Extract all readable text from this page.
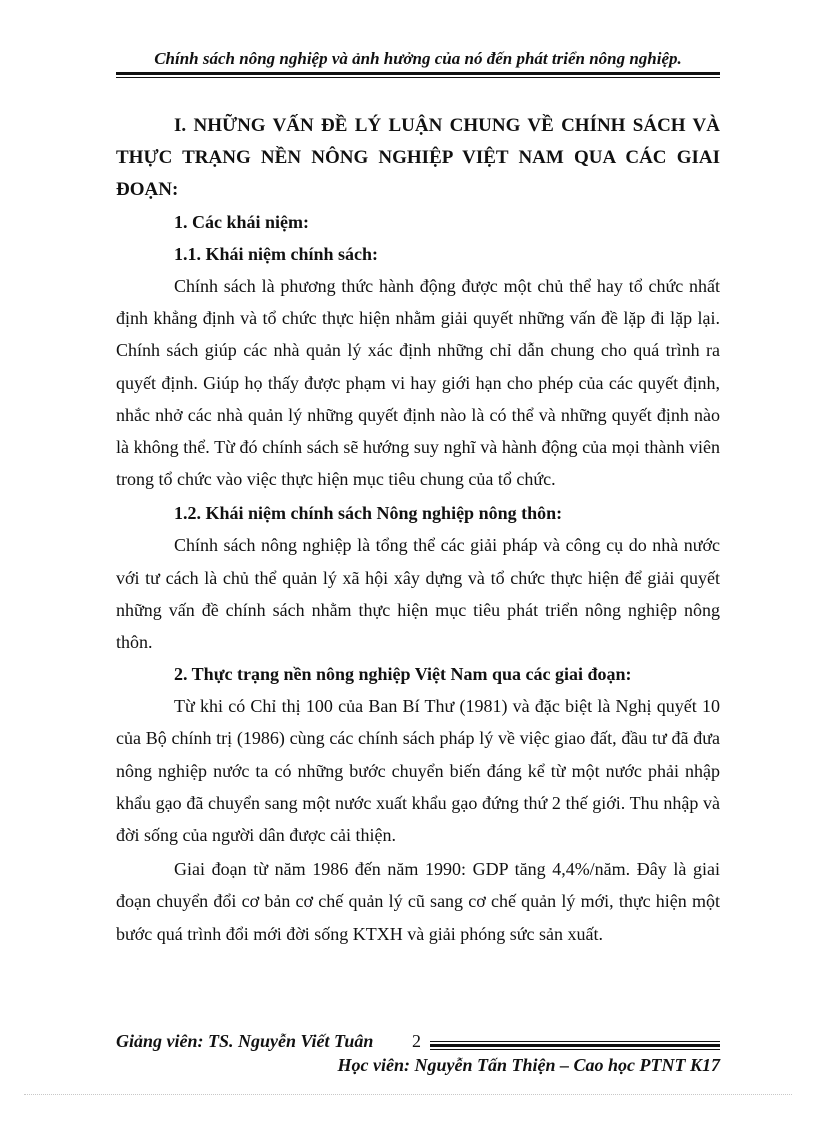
Chính sách nông nghiệp và ảnh hưởng của nó đến phát triển nông nghiệp.

I. NHỮNG VẤN ĐỀ LÝ LUẬN CHUNG VỀ CHÍNH SÁCH VÀ THỰC TRẠNG NỀN NÔNG NGHIỆP VIỆT NAM QUA CÁC GIAI ĐOẠN:

1. Các khái niệm:

1.1. Khái niệm chính sách:

Chính sách là phương thức hành động được một chủ thể hay tổ chức nhất định khẳng định và tổ chức thực hiện nhằm giải quyết những vấn đề lặp đi lặp lại. Chính sách giúp các nhà quản lý xác định những chỉ dẫn chung cho quá trình ra quyết định. Giúp họ thấy được phạm vi hay giới hạn cho phép của các quyết định, nhắc nhở các nhà quản lý những quyết định nào là có thể và những quyết định nào là không thể. Từ đó chính sách sẽ hướng suy nghĩ và hành động của mọi thành viên trong tổ chức vào việc thực hiện mục tiêu chung của tổ chức.

1.2. Khái niệm chính sách Nông nghiệp nông thôn:

Chính sách nông nghiệp là tổng thể các giải pháp và công cụ do nhà nước với tư cách là chủ thể quản lý xã hội xây dựng và tổ chức thực hiện để giải quyết những vấn đề chính sách nhằm thực hiện mục tiêu phát triển nông nghiệp nông thôn.

2. Thực trạng nền nông nghiệp Việt Nam qua các giai đoạn:

Từ khi có Chỉ thị 100 của Ban Bí Thư (1981) và đặc biệt là Nghị quyết 10 của Bộ chính trị (1986) cùng các chính sách pháp lý về việc giao đất, đầu tư đã đưa nông nghiệp nước ta có những bước chuyển biến đáng kể từ một nước phải nhập khẩu gạo đã chuyển sang một nước xuất khẩu gạo đứng thứ 2 thế giới. Thu nhập và đời sống của người dân được cải thiện.

Giai đoạn từ năm 1986 đến năm 1990: GDP tăng 4,4%/năm. Đây là giai đoạn chuyển đổi cơ bản cơ chế quản lý cũ sang cơ chế quản lý mới, thực hiện một bước quá trình đổi mới đời sống KTXH và giải phóng sức sản xuất.

Giảng viên: TS. Nguyễn Viết Tuân 2
Học viên: Nguyễn Tấn Thiện – Cao học PTNT K17
